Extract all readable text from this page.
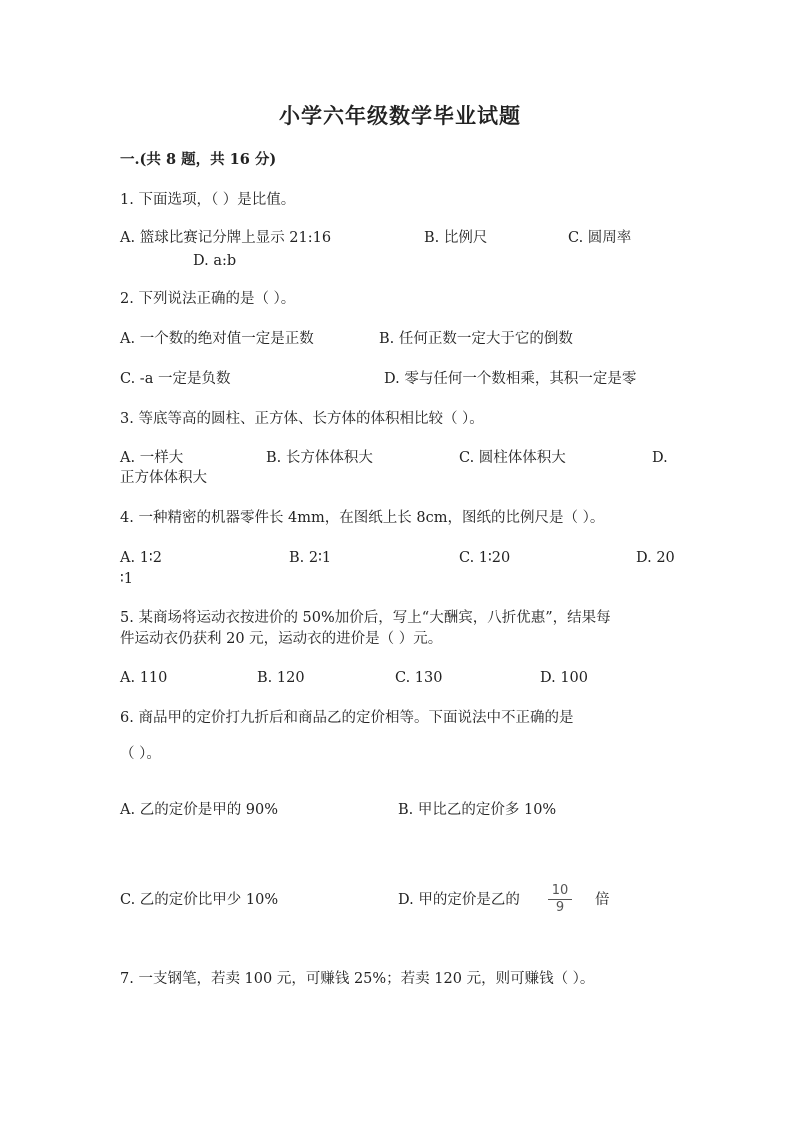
小学六年级数学毕业试题
一.(共 8 题，共 16 分)
1. 下面选项，（ ）是比值。
A. 篮球比赛记分牌上显示 21:16	B. 比例尺	C. 圆周率
D. a:b
2. 下列说法正确的是（ ）。
A. 一个数的绝对值一定是正数	B. 任何正数一定大于它的倒数
C. -a 一定是负数	D. 零与任何一个数相乘，其积一定是零
3. 等底等高的圆柱、正方体、长方体的体积相比较（ ）。
A. 一样大	B. 长方体体积大	C. 圆柱体体积大	D.
正方体体积大
4. 一种精密的机器零件长 4mm，在图纸上长 8cm，图纸的比例尺是（ ）。
A. 1∶2	B. 2∶1	C. 1∶20	D. 20
∶1
5. 某商场将运动衣按进价的 50%加价后，写上“大酬宾，八折优惠”，结果每
件运动衣仍获利 20 元，运动衣的进价是（ ）元。
A. 110	B. 120	C. 130	D. 100
6. 商品甲的定价打九折后和商品乙的定价相等。下面说法中不正确的是
（ ）。
A. 乙的定价是甲的 90%	B. 甲比乙的定价多 10%
C. 乙的定价比甲少 10%	D. 甲的定价是乙的
10
9	倍
7. 一支钢笔，若卖 100 元，可赚钱 25%；若卖 120 元，则可赚钱（ ）。
